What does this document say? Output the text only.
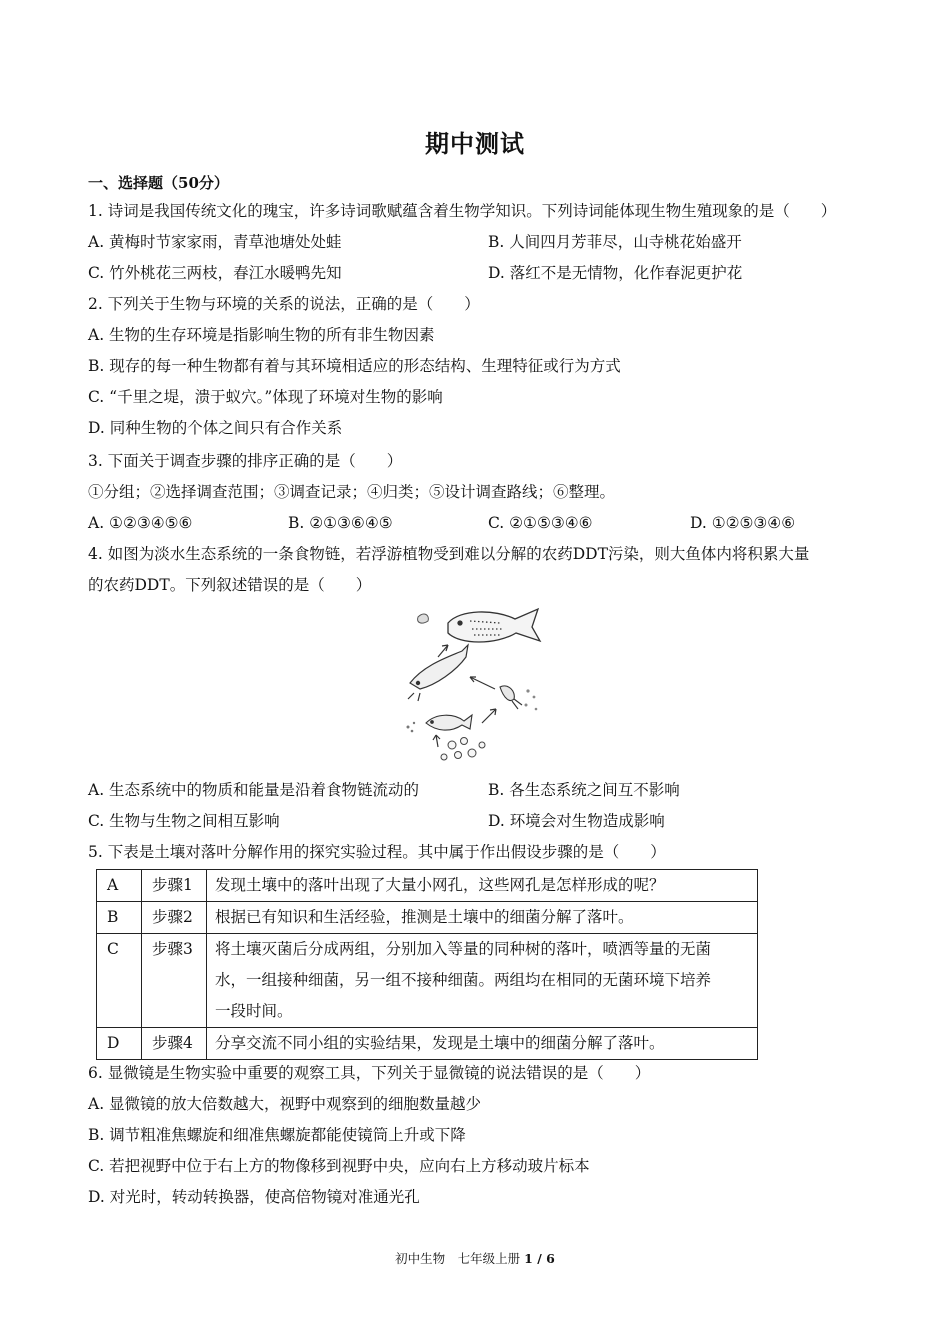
期中测试
一、选择题（50分）
1. 诗词是我国传统文化的瑰宝，许多诗词歌赋蕴含着生物学知识。下列诗词能体现生物生殖现象的是（　　）
A. 黄梅时节家家雨，青草池塘处处蛙	B. 人间四月芳菲尽，山寺桃花始盛开
C. 竹外桃花三两枝，春江水暖鸭先知	D. 落红不是无情物，化作春泥更护花
2. 下列关于生物与环境的关系的说法，正确的是（　　）
A. 生物的生存环境是指影响生物的所有非生物因素
B. 现存的每一种生物都有着与其环境相适应的形态结构、生理特征或行为方式
C. “千里之堤，溃于蚁穴。”体现了环境对生物的影响
D. 同种生物的个体之间只有合作关系
3. 下面关于调查步骤的排序正确的是（　　）
①分组；②选择调查范围；③调查记录；④归类；⑤设计调查路线；⑥整理。
A. ①②③④⑤⑥	B. ②①③⑥④⑤	C. ②①⑤③④⑥	D. ①②⑤③④⑥
4. 如图为淡水生态系统的一条食物链，若浮游植物受到难以分解的农药DDT污染，则大鱼体内将积累大量
的农药DDT。下列叙述错误的是（　　）
A. 生态系统中的物质和能量是沿着食物链流动的	B. 各生态系统之间互不影响
C. 生物与生物之间相互影响	D. 环境会对生物造成影响
5. 下表是土壤对落叶分解作用的探究实验过程。其中属于作出假设步骤的是（　　）
A	步骤1	发现土壤中的落叶出现了大量小网孔，这些网孔是怎样形成的呢？
B	步骤2	根据已有知识和生活经验，推测是土壤中的细菌分解了落叶。
C	步骤3	将土壤灭菌后分成两组，分别加入等量的同种树的落叶，喷洒等量的无菌
水，一组接种细菌，另一组不接种细菌。两组均在相同的无菌环境下培养
一段时间。

D	步骤4	分享交流不同小组的实验结果，发现是土壤中的细菌分解了落叶。
6. 显微镜是生物实验中重要的观察工具，下列关于显微镜的说法错误的是（　　）
A. 显微镜的放大倍数越大，视野中观察到的细胞数量越少
B. 调节粗准焦螺旋和细准焦螺旋都能使镜筒上升或下降
C. 若把视野中位于右上方的物像移到视野中央，应向右上方移动玻片标本
D. 对光时，转动转换器，使高倍物镜对准通光孔
初中生物　七年级上册 1 / 6
